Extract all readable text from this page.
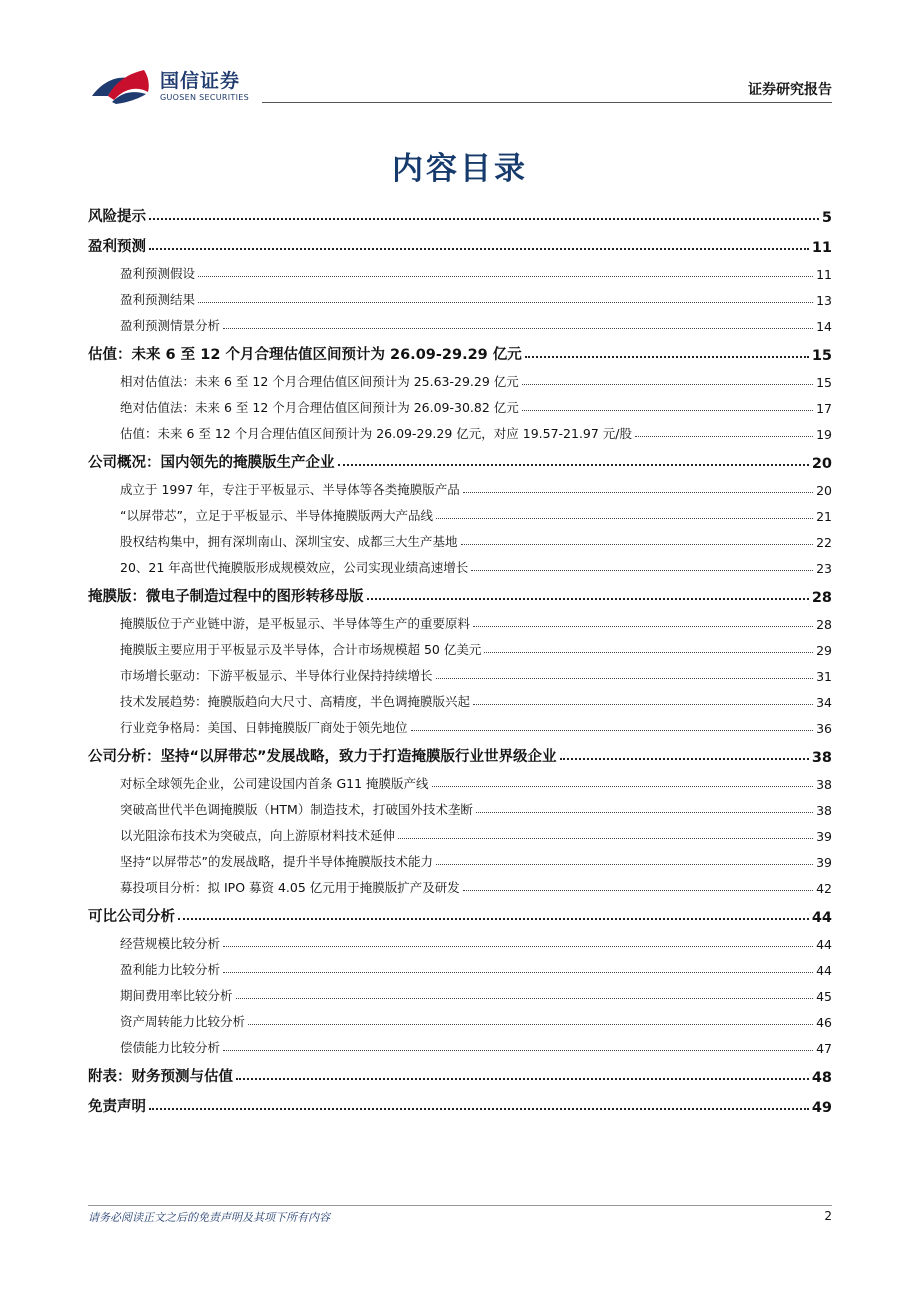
国信证券
GUOSEN SECURITIES	证券研究报告
内容目录
风险提示	5
盈利预测	11
盈利预测假设	11
盈利预测结果	13
盈利预测情景分析	14
估值：未来 6 至 12 个月合理估值区间预计为 26.09-29.29 亿元	15
相对估值法：未来 6 至 12 个月合理估值区间预计为 25.63-29.29 亿元	15
绝对估值法：未来 6 至 12 个月合理估值区间预计为 26.09-30.82 亿元	17
估值：未来 6 至 12 个月合理估值区间预计为 26.09-29.29 亿元，对应 19.57-21.97 元/股	19
公司概况：国内领先的掩膜版生产企业	20
成立于 1997 年，专注于平板显示、半导体等各类掩膜版产品	20
“以屏带芯”，立足于平板显示、半导体掩膜版两大产品线	21
股权结构集中，拥有深圳南山、深圳宝安、成都三大生产基地	22
20、21 年高世代掩膜版形成规模效应，公司实现业绩高速增长	23
掩膜版：微电子制造过程中的图形转移母版	28
掩膜版位于产业链中游，是平板显示、半导体等生产的重要原料	28
掩膜版主要应用于平板显示及半导体，合计市场规模超 50 亿美元	29
市场增长驱动：下游平板显示、半导体行业保持持续增长	31
技术发展趋势：掩膜版趋向大尺寸、高精度，半色调掩膜版兴起	34
行业竞争格局：美国、日韩掩膜版厂商处于领先地位	36
公司分析：坚持“以屏带芯”发展战略，致力于打造掩膜版行业世界级企业	38
对标全球领先企业，公司建设国内首条 G11 掩膜版产线	38
突破高世代半色调掩膜版（HTM）制造技术，打破国外技术垄断	38
以光阻涂布技术为突破点，向上游原材料技术延伸	39
坚持“以屏带芯”的发展战略，提升半导体掩膜版技术能力	39
募投项目分析：拟 IPO 募资 4.05 亿元用于掩膜版扩产及研发	42
可比公司分析	44
经营规模比较分析	44
盈利能力比较分析	44
期间费用率比较分析	45
资产周转能力比较分析	46
偿债能力比较分析	47
附表：财务预测与估值	48
免责声明	49
请务必阅读正文之后的免责声明及其项下所有内容	2
